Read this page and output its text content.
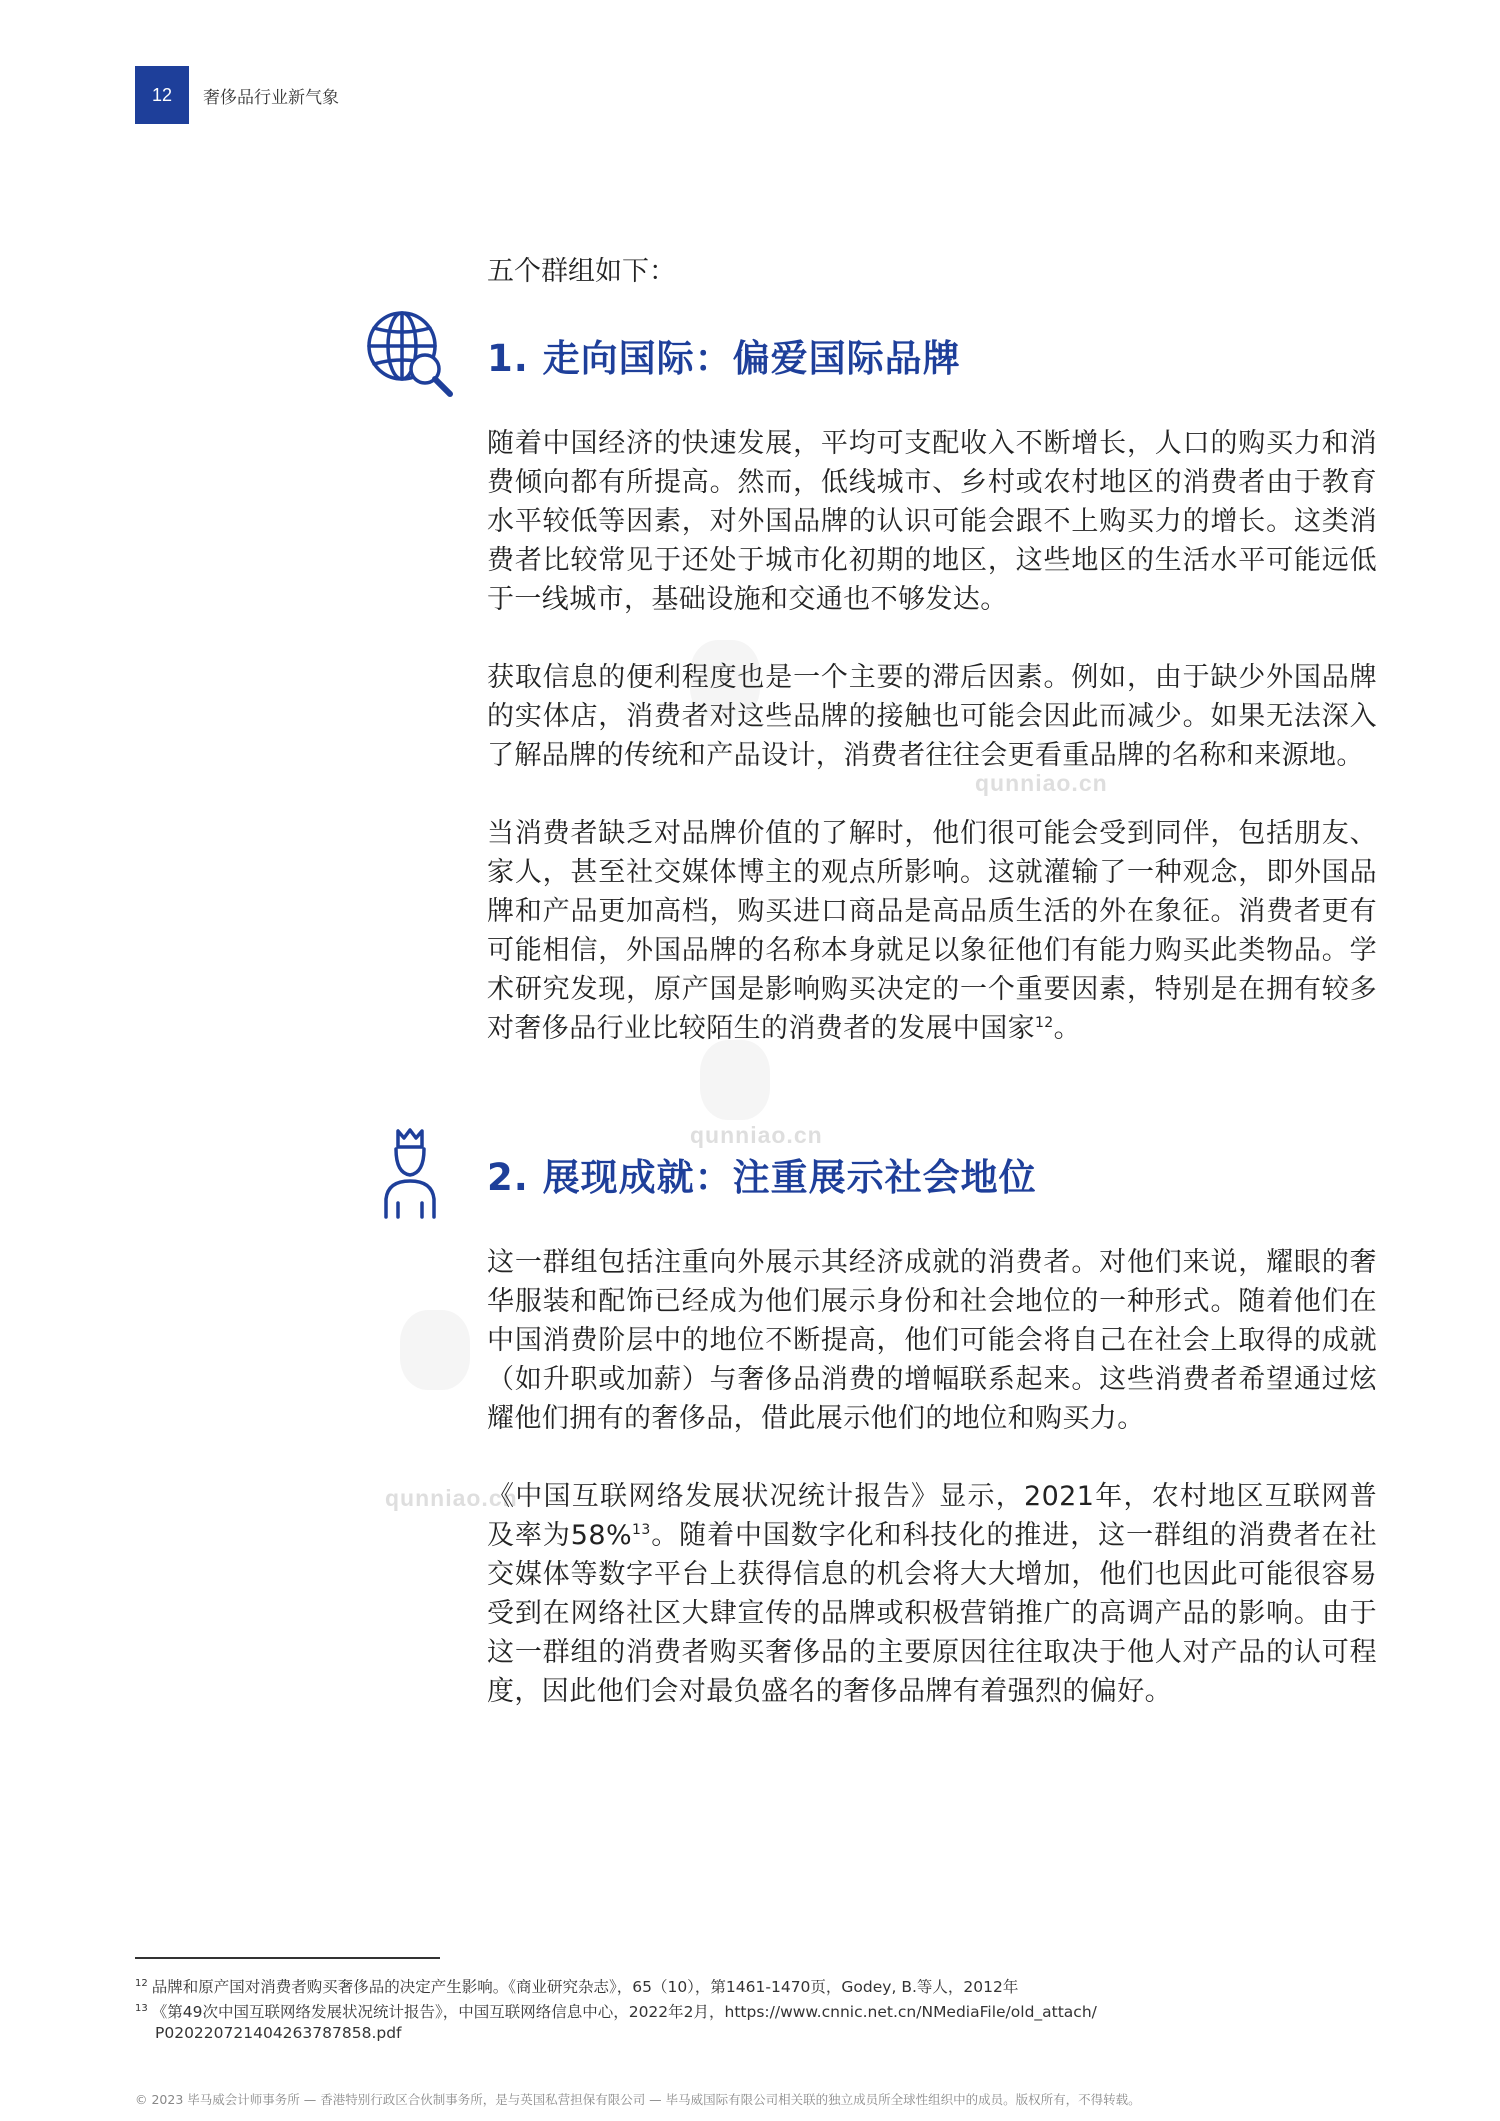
12	奢侈品行业新气象
qunniao.cn
qunniao.cn
qunniao.cn

五个群组如下：

1. 走向国际：偏爱国际品牌

随着中国经济的快速发展，平均可支配收入不断增长，人口的购买力和消费倾向都有所提高。然而，低线城市、乡村或农村地区的消费者由于教育水平较低等因素，对外国品牌的认识可能会跟不上购买力的增长。这类消费者比较常见于还处于城市化初期的地区，这些地区的生活水平可能远低于一线城市，基础设施和交通也不够发达。

获取信息的便利程度也是一个主要的滞后因素。例如，由于缺少外国品牌的实体店，消费者对这些品牌的接触也可能会因此而减少。如果无法深入了解品牌的传统和产品设计，消费者往往会更看重品牌的名称和来源地。

当消费者缺乏对品牌价值的了解时，他们很可能会受到同伴，包括朋友、家人，甚至社交媒体博主的观点所影响。这就灌输了一种观念，即外国品牌和产品更加高档，购买进口商品是高品质生活的外在象征。消费者更有可能相信，外国品牌的名称本身就足以象征他们有能力购买此类物品。学术研究发现，原产国是影响购买决定的一个重要因素，特别是在拥有较多对奢侈品行业比较陌生的消费者的发展中国家$^{12}$。

2. 展现成就：注重展示社会地位

这一群组包括注重向外展示其经济成就的消费者。对他们来说，耀眼的奢华服装和配饰已经成为他们展示身份和社会地位的一种形式。随着他们在中国消费阶层中的地位不断提高，他们可能会将自己在社会上取得的成就（如升职或加薪）与奢侈品消费的增幅联系起来。这些消费者希望通过炫耀他们拥有的奢侈品，借此展示他们的地位和购买力。

《中国互联网络发展状况统计报告》显示，2021年，农村地区互联网普及率为58%$^{13}$。随着中国数字化和科技化的推进，这一群组的消费者在社交媒体等数字平台上获得信息的机会将大大增加，他们也因此可能很容易受到在网络社区大肆宣传的品牌或积极营销推广的高调产品的影响。由于这一群组的消费者购买奢侈品的主要原因往往取决于他人对产品的认可程度，因此他们会对最负盛名的奢侈品牌有着强烈的偏好。

$^{12}$ 品牌和原产国对消费者购买奢侈品的决定产生影响。《商业研究杂志》，65（10），第1461-1470页，Godey, B.等人，2012年

$^{13}$ 《第49次中国互联网络发展状况统计报告》，中国互联网络信息中心，2022年2月，https://www.cnnic.net.cn/NMediaFile/old_attach/

P020220721404263787858.pdf

© 2023 毕马威会计师事务所 — 香港特别行政区合伙制事务所，是与英国私营担保有限公司 — 毕马威国际有限公司相关联的独立成员所全球性组织中的成员。版权所有，不得转载。
